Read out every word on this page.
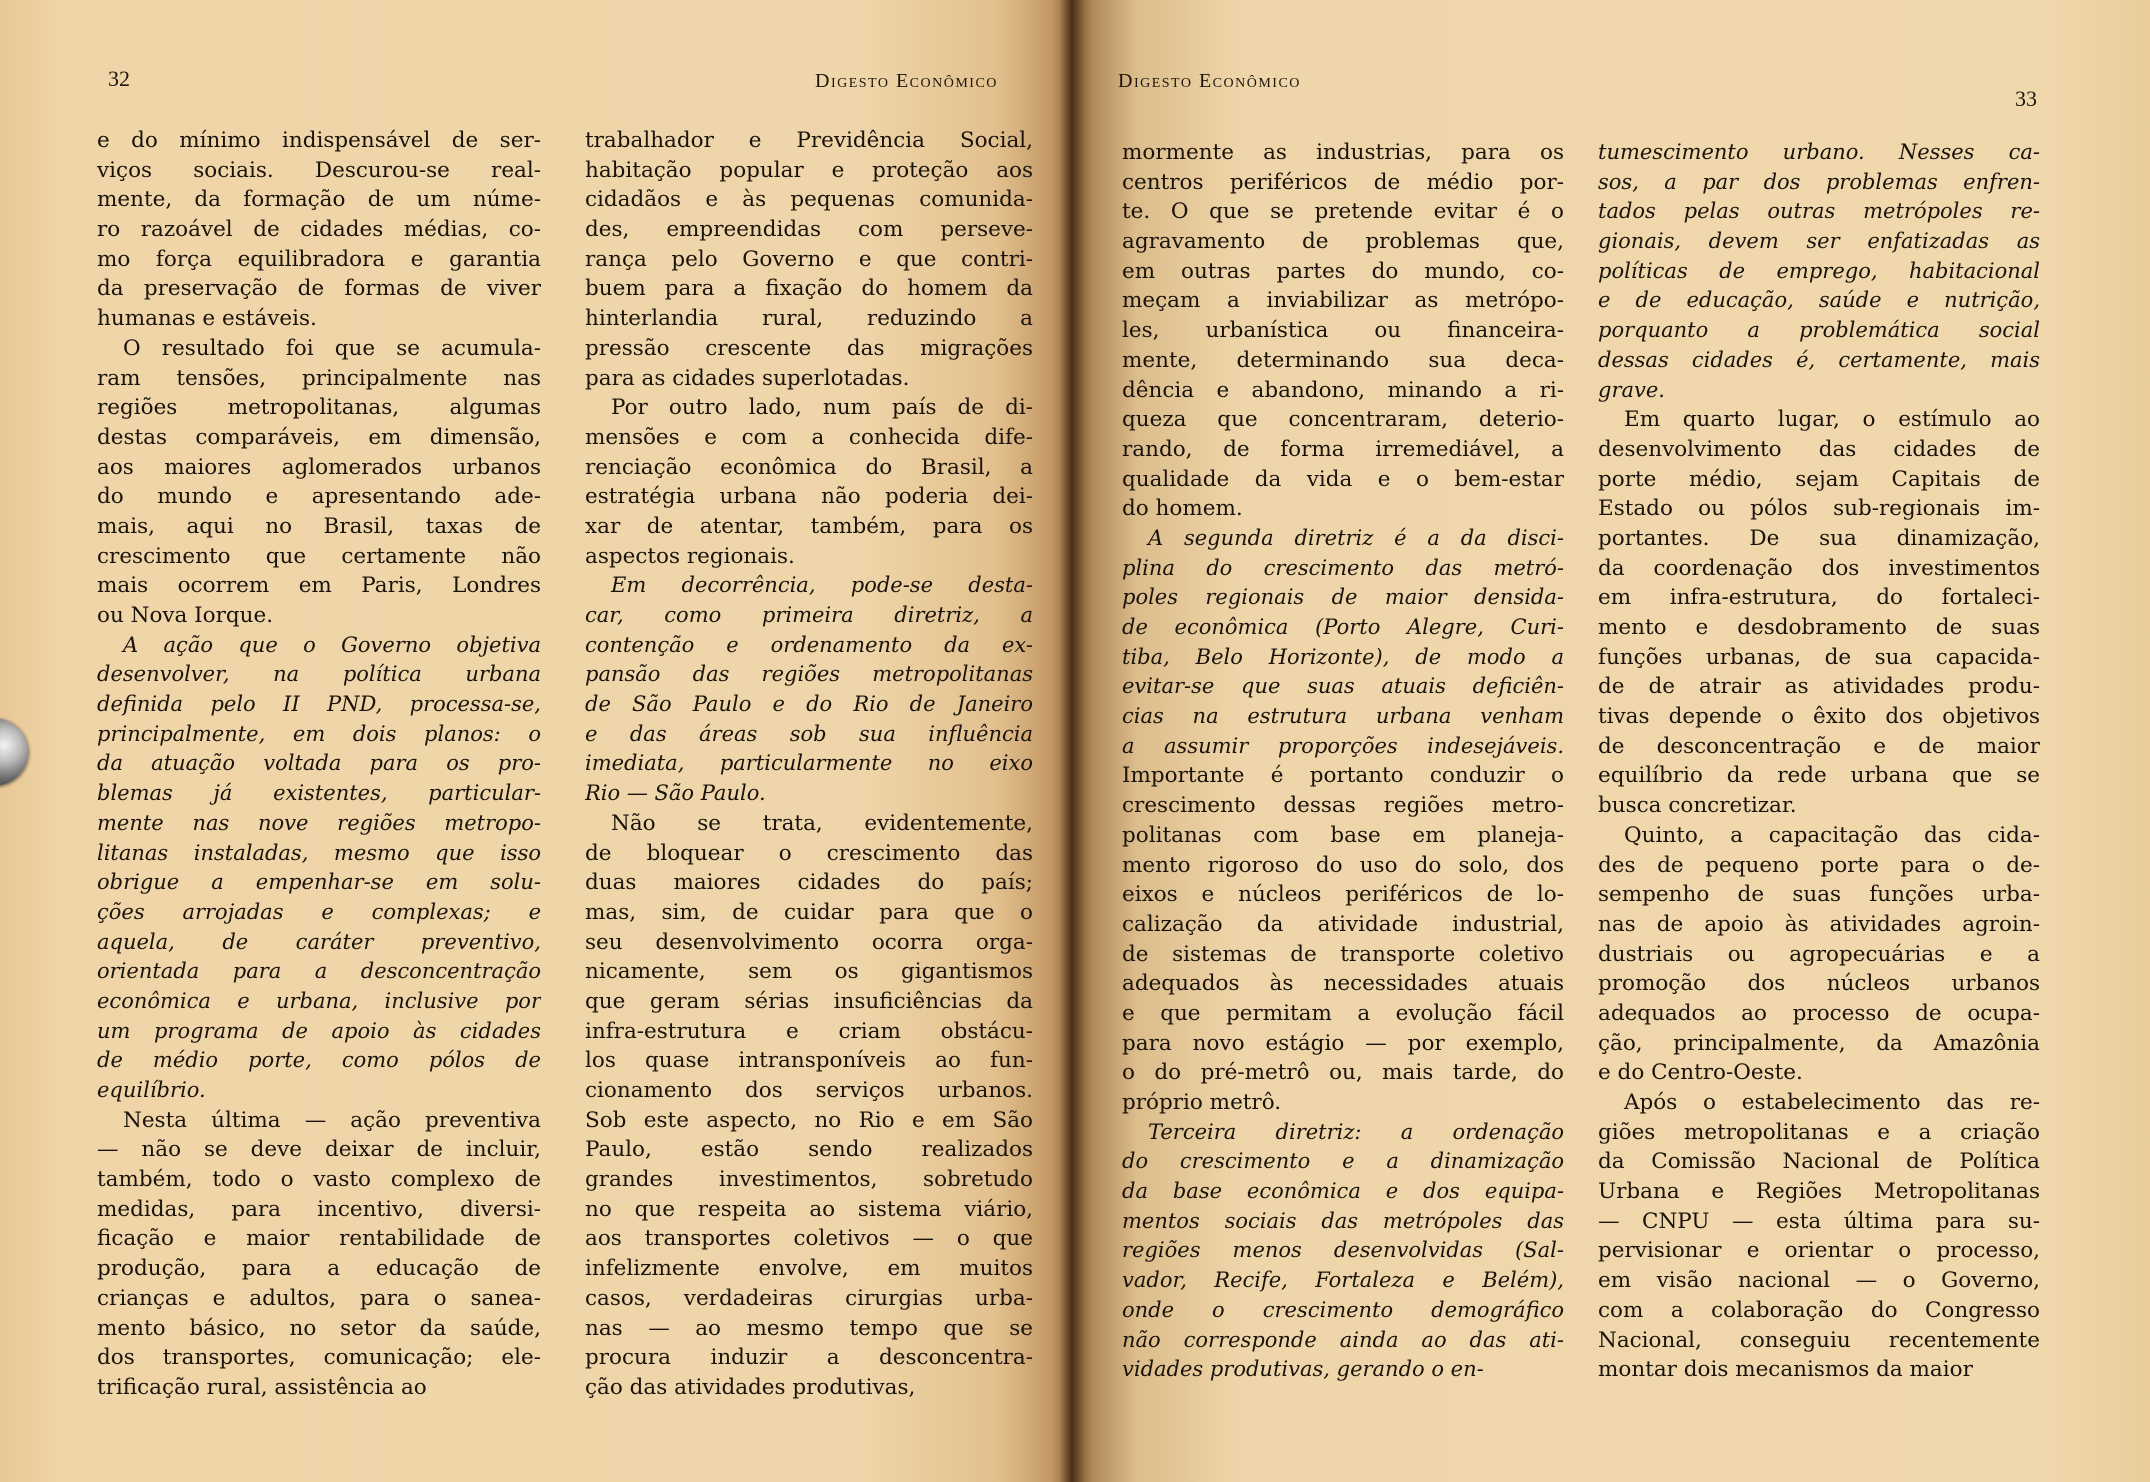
32	Digesto Econômico
e do mínimo indispensável de ser-
viços sociais. Descurou-se real-
mente, da formação de um núme-
ro razoável de cidades médias, co-
mo força equilibradora e garantia
da preservação de formas de viver
humanas e estáveis.
O resultado foi que se acumula-
ram tensões, principalmente nas
regiões metropolitanas, algumas
destas comparáveis, em dimensão,
aos maiores aglomerados urbanos
do mundo e apresentando ade-
mais, aqui no Brasil, taxas de
crescimento que certamente não
mais ocorrem em Paris, Londres
ou Nova Iorque.
A ação que o Governo objetiva
desenvolver, na política urbana
definida pelo II PND, processa-se,
principalmente, em dois planos: o
da atuação voltada para os pro-
blemas já existentes, particular-
mente nas nove regiões metropo-
litanas instaladas, mesmo que isso
obrigue a empenhar-se em solu-
ções arrojadas e complexas; e
aquela, de caráter preventivo,
orientada para a desconcentração
econômica e urbana, inclusive por
um programa de apoio às cidades
de médio porte, como pólos de
equilíbrio.
Nesta última — ação preventiva
— não se deve deixar de incluir,
também, todo o vasto complexo de
medidas, para incentivo, diversi-
ficação e maior rentabilidade de
produção, para a educação de
crianças e adultos, para o sanea-
mento básico, no setor da saúde,
dos transportes, comunicação; ele-
trificação rural, assistência ao
trabalhador e Previdência Social,
habitação popular e proteção aos
cidadãos e às pequenas comunida-
des, empreendidas com perseve-
rança pelo Governo e que contri-
buem para a fixação do homem da
hinterlandia rural, reduzindo a
pressão crescente das migrações
para as cidades superlotadas.
Por outro lado, num país de di-
mensões e com a conhecida dife-
renciação econômica do Brasil, a
estratégia urbana não poderia dei-
xar de atentar, também, para os
aspectos regionais.
Em decorrência, pode-se desta-
car, como primeira diretriz, a
contenção e ordenamento da ex-
pansão das regiões metropolitanas
de São Paulo e do Rio de Janeiro
e das áreas sob sua influência
imediata, particularmente no eixo
Rio — São Paulo.
Não se trata, evidentemente,
de bloquear o crescimento das
duas maiores cidades do país;
mas, sim, de cuidar para que o
seu desenvolvimento ocorra orga-
nicamente, sem os gigantismos
que geram sérias insuficiências da
infra-estrutura e criam obstácu-
los quase intransponíveis ao fun-
cionamento dos serviços urbanos.
Sob este aspecto, no Rio e em São
Paulo, estão sendo realizados
grandes investimentos, sobretudo
no que respeita ao sistema viário,
aos transportes coletivos — o que
infelizmente envolve, em muitos
casos, verdadeiras cirurgias urba-
nas — ao mesmo tempo que se
procura induzir a desconcentra-
ção das atividades produtivas,
Digesto Econômico
33
mormente as industrias, para os
centros periféricos de médio por-
te. O que se pretende evitar é o
agravamento de problemas que,
em outras partes do mundo, co-
meçam a inviabilizar as metrópo-
les, urbanística ou financeira-
mente, determinando sua deca-
dência e abandono, minando a ri-
queza que concentraram, deterio-
rando, de forma irremediável, a
qualidade da vida e o bem-estar
do homem.
A segunda diretriz é a da disci-
plina do crescimento das metró-
poles regionais de maior densida-
de econômica (Porto Alegre, Curi-
tiba, Belo Horizonte), de modo a
evitar-se que suas atuais deficiên-
cias na estrutura urbana venham
a assumir proporções indesejáveis.
Importante é portanto conduzir o
crescimento dessas regiões metro-
politanas com base em planeja-
mento rigoroso do uso do solo, dos
eixos e núcleos periféricos de lo-
calização da atividade industrial,
de sistemas de transporte coletivo
adequados às necessidades atuais
e que permitam a evolução fácil
para novo estágio — por exemplo,
o do pré-metrô ou, mais tarde, do
próprio metrô.
Terceira diretriz: a ordenação
do crescimento e a dinamização
da base econômica e dos equipa-
mentos sociais das metrópoles das
regiões menos desenvolvidas (Sal-
vador, Recife, Fortaleza e Belém),
onde o crescimento demográfico
não corresponde ainda ao das ati-
vidades produtivas, gerando o en-
tumescimento urbano. Nesses ca-
sos, a par dos problemas enfren-
tados pelas outras metrópoles re-
gionais, devem ser enfatizadas as
políticas de emprego, habitacional
e de educação, saúde e nutrição,
porquanto a problemática social
dessas cidades é, certamente, mais
grave.
Em quarto lugar, o estímulo ao
desenvolvimento das cidades de
porte médio, sejam Capitais de
Estado ou pólos sub-regionais im-
portantes. De sua dinamização,
da coordenação dos investimentos
em infra-estrutura, do fortaleci-
mento e desdobramento de suas
funções urbanas, de sua capacida-
de de atrair as atividades produ-
tivas depende o êxito dos objetivos
de desconcentração e de maior
equilíbrio da rede urbana que se
busca concretizar.
Quinto, a capacitação das cida-
des de pequeno porte para o de-
sempenho de suas funções urba-
nas de apoio às atividades agroin-
dustriais ou agropecuárias e a
promoção dos núcleos urbanos
adequados ao processo de ocupa-
ção, principalmente, da Amazônia
e do Centro-Oeste.
Após o estabelecimento das re-
giões metropolitanas e a criação
da Comissão Nacional de Política
Urbana e Regiões Metropolitanas
— CNPU — esta última para su-
pervisionar e orientar o processo,
em visão nacional — o Governo,
com a colaboração do Congresso
Nacional, conseguiu recentemente
montar dois mecanismos da maior
